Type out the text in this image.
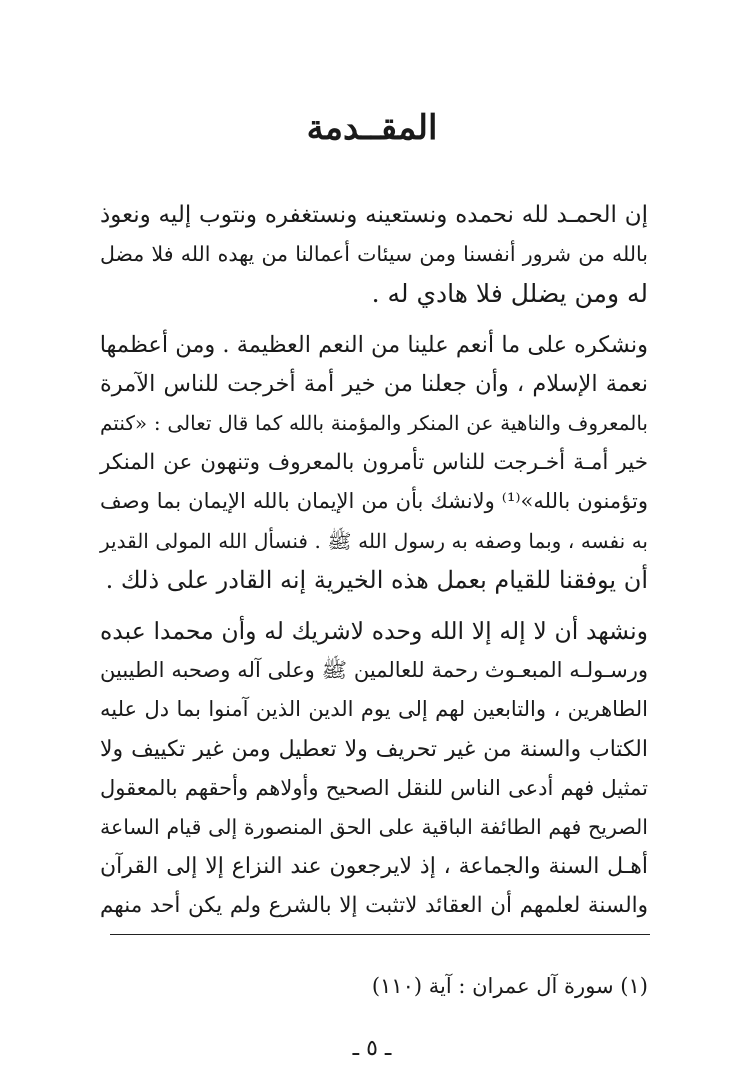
المقــدمة

إن الحمـد لله نحمده ونستعينه ونستغفره ونتوب إليه ونعوذ
بالله من شرور أنفسنا ومن سيئات أعمالنا من يهده الله فلا مضل
له ومن يضلل فلا هادي له .

ونشكره على ما أنعم علينا من النعم العظيمة . ومن أعظمها
نعمة الإسلام ، وأن جعلنا من خير أمة أخرجت للناس الآمرة
بالمعروف والناهية عن المنكر والمؤمنة بالله كما قال تعالى : «كنتم
خير أمـة أخـرجت للناس تأمرون بالمعروف وتنهون عن المنكر
وتؤمنون بالله»⁽¹⁾ ولانشك بأن من الإيمان بالله الإيمان بما وصف
به نفسه ، وبما وصفه به رسول الله ﷺ . فنسأل الله المولى القدير
أن يوفقنا للقيام بعمل هذه الخيرية إنه القادر على ذلك .

ونشهد أن لا إله إلا الله وحده لاشريك له وأن محمدا عبده
ورسـولـه المبعـوث رحمة للعالمين ﷺ وعلى آله وصحبه الطيبين
الطاهرين ، والتابعين لهم إلى يوم الدين الذين آمنوا بما دل عليه
الكتاب والسنة من غير تحريف ولا تعطيل ومن غير تكييف ولا
تمثيل فهم أدعى الناس للنقل الصحيح وأولاهم وأحقهم بالمعقول
الصريح فهم الطائفة الباقية على الحق المنصورة إلى قيام الساعة
أهـل السنة والجماعة ، إذ لايرجعون عند النزاع إلا إلى القرآن
والسنة لعلمهم أن العقائد لاتثبت إلا بالشرع ولم يكن أحد منهم

(١) سورة آل عمران : آية (١١٠)
ـ ٥ ـ
